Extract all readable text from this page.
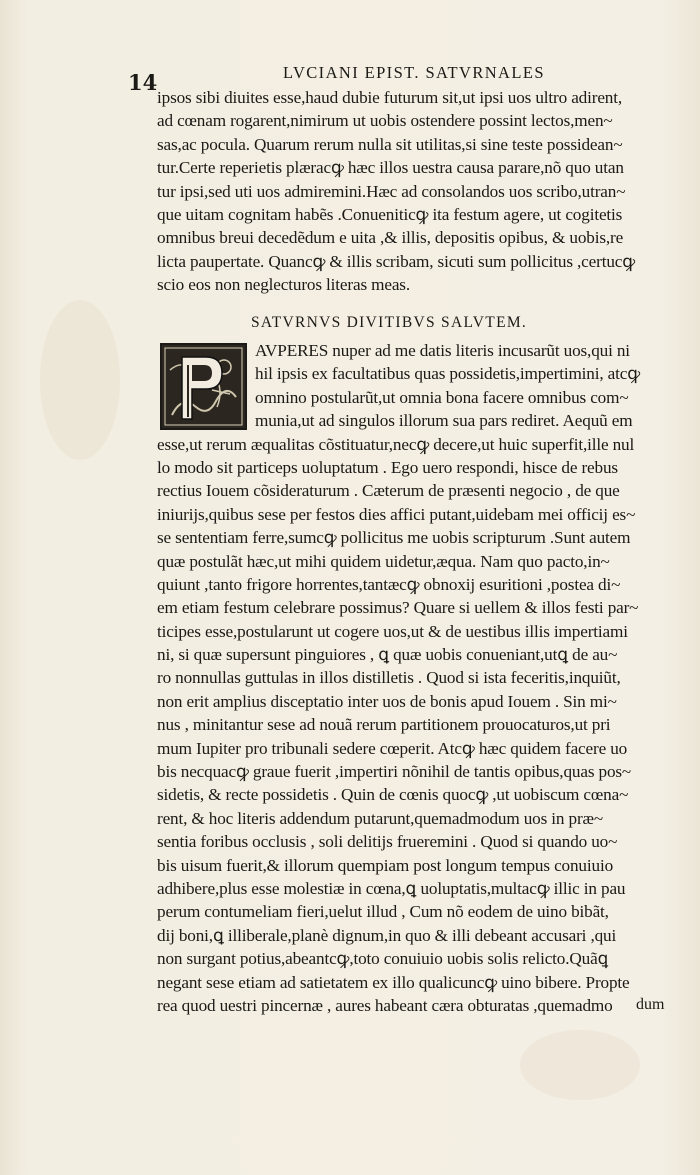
14	LVCIANI EPIST. SATVRNALES
ipsos sibi diuites esse,haud dubie futurum sit,ut ipsi uos ultro adirent,
ad cœnam rogarent,nimirum ut uobis ostendere possint lectos,men~
sas,ac pocula. Quarum rerum nulla sit utilitas,si sine teste possidean~
tur.Certe reperietis plæracꝙ hæc illos uestra causa parare,nõ quo utan
tur ipsi,sed uti uos admiremini.Hæc ad consolandos uos scribo,utran~
que uitam cognitam habẽs .Conueniticꝙ ita festum agere, ut cogitetis
omnibus breui decedẽdum e uita ,& illis, depositis opibus, & uobis,re
licta paupertate. Quancꝙ & illis scribam, sicuti sum pollicitus ,certucꝙ
scio eos non neglecturos literas meas.
SATVRNVS DIVITIBVS SALVTEM.
AVPERES nuper ad me datis literis incusarũt uos,qui ni
hil ipsis ex facultatibus quas possidetis,impertimini, atcꝙ
omnino postularũt,ut omnia bona facere omnibus com~
munia,ut ad singulos illorum sua pars rediret. Aequũ em
esse,ut rerum æqualitas cõstituatur,necꝙ decere,ut huic superfit,ille nul
lo modo sit particeps uoluptatum . Ego uero respondi, hisce de rebus
rectius Iouem cõsideraturum . Cæterum de præsenti negocio , de que
iniurijs,quibus sese per festos dies affici putant,uidebam mei officij es~
se sententiam ferre,sumcꝙ pollicitus me uobis scripturum .Sunt autem
quæ postulãt hæc,ut mihi quidem uidetur,æqua. Nam quo pacto,in~
quiunt ,tanto frigore horrentes,tantæcꝙ obnoxij esuritioni ,postea di~
em etiam festum celebrare possimus? Quare si uellem & illos festi par~
ticipes esse,postularunt ut cogere uos,ut & de uestibus illis impertiami
ni, si quæ supersunt pinguiores , ꝗ quæ uobis conueniant,utꝗ de au~
ro nonnullas guttulas in illos distilletis . Quod si ista feceritis,inquiũt,
non erit amplius disceptatio inter uos de bonis apud Iouem . Sin mi~
nus , minitantur sese ad nouã rerum partitionem prouocaturos,ut pri
mum Iupiter pro tribunali sedere cœperit. Atcꝙ hæc quidem facere uo
bis necquacꝙ graue fuerit ,impertiri nõnihil de tantis opibus,quas pos~
sidetis, & recte possidetis . Quin de cœnis quocꝙ ,ut uobiscum cœna~
rent, & hoc literis addendum putarunt,quemadmodum uos in præ~
sentia foribus occlusis , soli delitijs frueremini . Quod si quando uo~
bis uisum fuerit,& illorum quempiam post longum tempus conuiuio
adhibere,plus esse molestiæ in cœna,ꝗ uoluptatis,multacꝙ illic in pau
perum contumeliam fieri,uelut illud , Cum nõ eodem de uino bibãt,
dij boni,ꝗ illiberale,planè dignum,in quo & illi debeant accusari ,qui
non surgant potius,abeantcꝙ,toto conuiuio uobis solis relicto.Quãꝗ
negant sese etiam ad satietatem ex illo qualicuncꝙ uino bibere. Propte
rea quod uestri pincernæ , aures habeant cæra obturatas ,quemadmo	dum
